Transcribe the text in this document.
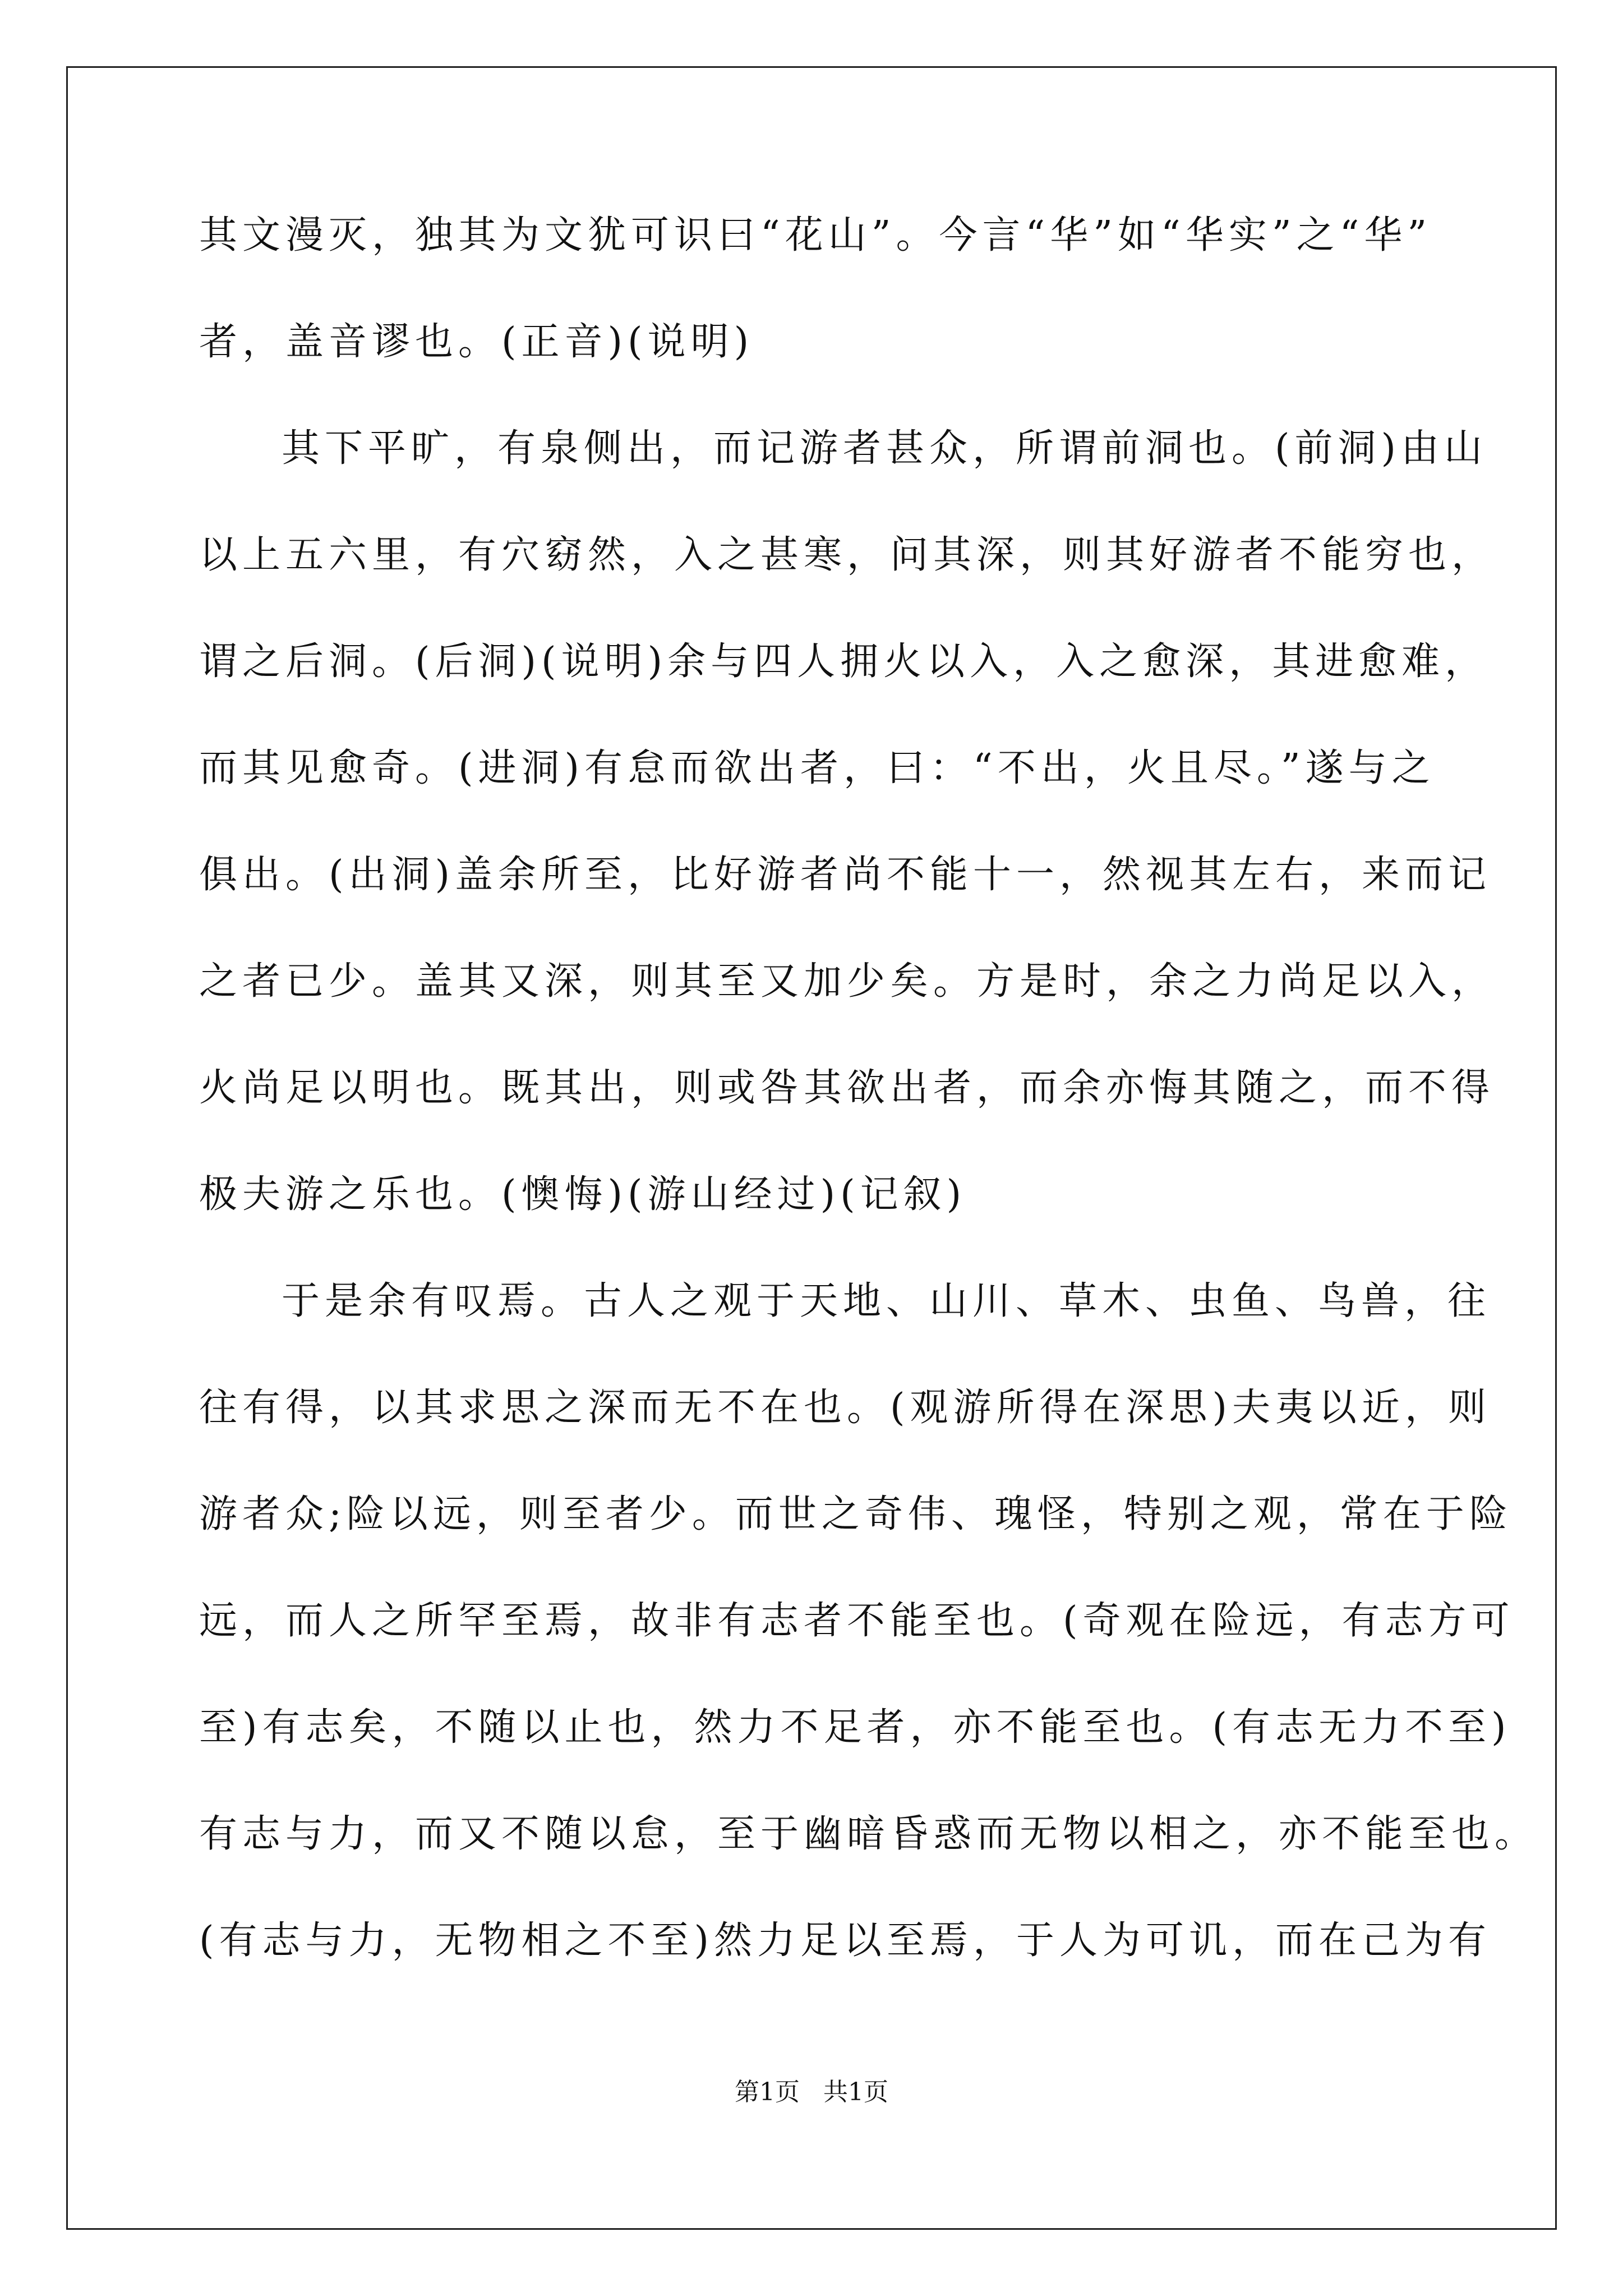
其文漫灭，独其为文犹可识曰“花山”。今言“华”如“华实”之“华”
者，盖音谬也。(正音)(说明)
其下平旷，有泉侧出，而记游者甚众，所谓前洞也。(前洞)由山
以上五六里，有穴窈然，入之甚寒，问其深，则其好游者不能穷也，
谓之后洞。(后洞)(说明)余与四人拥火以入，入之愈深，其进愈难，
而其见愈奇。(进洞)有怠而欲出者，曰：“不出，火且尽。”遂与之
俱出。(出洞)盖余所至，比好游者尚不能十一，然视其左右，来而记
之者已少。盖其又深，则其至又加少矣。方是时，余之力尚足以入，
火尚足以明也。既其出，则或咎其欲出者，而余亦悔其随之，而不得
极夫游之乐也。(懊悔)(游山经过)(记叙)
于是余有叹焉。古人之观于天地、山川、草木、虫鱼、鸟兽，往
往有得，以其求思之深而无不在也。(观游所得在深思)夫夷以近，则
游者众;险以远，则至者少。而世之奇伟、瑰怪，特别之观，常在于险
远，而人之所罕至焉，故非有志者不能至也。(奇观在险远，有志方可
至)有志矣，不随以止也，然力不足者，亦不能至也。(有志无力不至)
有志与力，而又不随以怠，至于幽暗昏惑而无物以相之，亦不能至也。
(有志与力，无物相之不至)然力足以至焉，于人为可讥，而在己为有
第1页 共1页
